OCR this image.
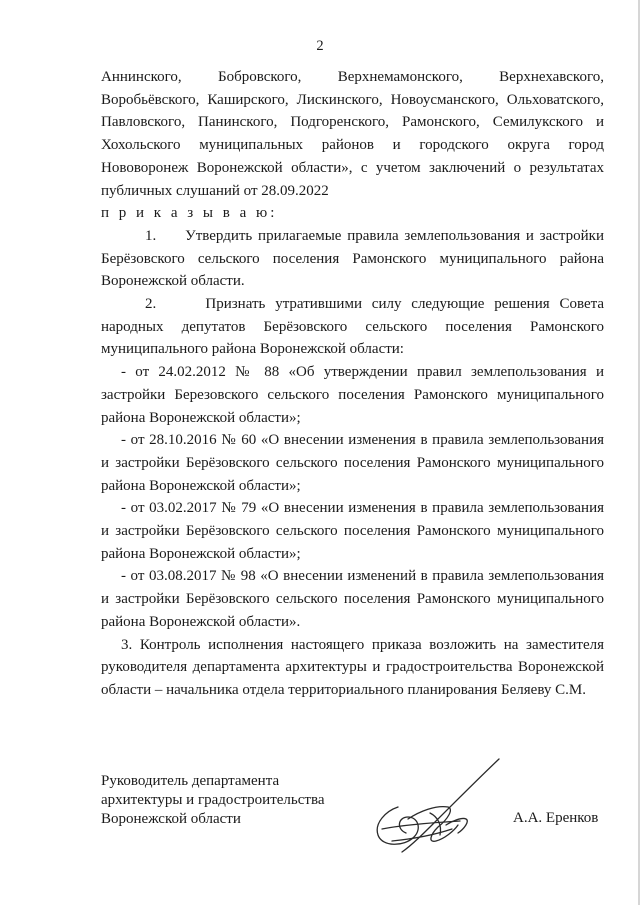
2

Аннинского, Бобровского, Верхнемамонского, Верхнехавского, Воробьёвского, Каширского, Лискинского, Новоусманского, Ольховатского, Павловского, Панинского, Подгоренского, Рамонского, Семилукского и Хохольского муниципальных районов и городского округа город Нововоронеж Воронежской области», с учетом заключений о результатах публичных слушаний от 28.09.2022

п р и к а з ы в а ю:

1.     Утвердить прилагаемые правила землепользования и застройки Берёзовского сельского поселения Рамонского муниципального района Воронежской области.

2.     Признать утратившими силу следующие решения Совета народных депутатов Берёзовского сельского поселения Рамонского муниципального района Воронежской области:

- от 24.02.2012 № 88 «Об утверждении правил землепользования и застройки Березовского сельского поселения Рамонского муниципального района Воронежской области»;

- от 28.10.2016 № 60 «О внесении изменения в правила землепользования и застройки Берёзовского сельского поселения Рамонского муниципального района Воронежской области»;

- от 03.02.2017 № 79 «О внесении изменения в правила землепользования и застройки Берёзовского сельского поселения Рамонского муниципального района Воронежской области»;

- от 03.08.2017 № 98 «О внесении изменений в правила землепользования и застройки Берёзовского сельского поселения Рамонского муниципального района Воронежской области».

3. Контроль исполнения настоящего приказа возложить на заместителя руководителя департамента архитектуры и градостроительства Воронежской области – начальника отдела территориального планирования Беляеву С.М.

Руководитель департамента
архитектуры и градостроительства
Воронежской области	А.А. Еренков
